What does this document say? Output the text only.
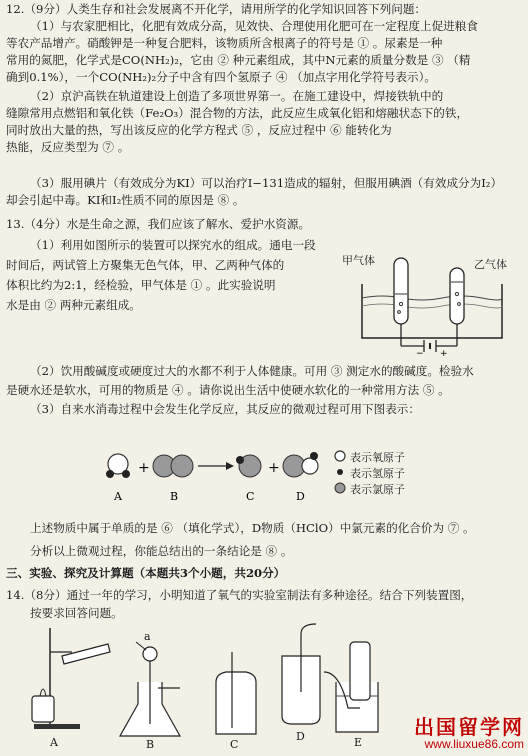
12.（9分）人类生存和社会发展离不开化学，请用所学的化学知识回答下列问题：
（1）与农家肥相比，化肥有效成分高，见效快、合理使用化肥可在一定程度上促进粮食
等农产品增产。硝酸钾是一种复合肥料，该物质所含根离子的符号是 ① 。尿素是一种
常用的氮肥，化学式是CO(NH₂)₂，它由 ② 种元素组成，其中N元素的质量分数是 ③ （精
确到0.1%），一个CO(NH₂)₂分子中含有四个氢原子 ④ （加点字用化学符号表示）。
（2）京沪高铁在轨道建设上创造了多项世界第一。在施工建设中，焊接铁轨中的
缝隙常用点燃铝和氧化铁（Fe₂O₃）混合物的方法，此反应生成氧化铝和熔融状态下的铁，
同时放出大量的热，写出该反应的化学方程式 ⑤ ，反应过程中 ⑥ 能转化为
热能，反应类型为 ⑦ 。
（3）服用碘片（有效成分为KI）可以治疗I−131造成的辐射，但服用碘酒（有效成分为I₂）
却会引起中毒。KI和I₂性质不同的原因是 ⑧ 。
13.（4分）水是生命之源，我们应该了解水、爱护水资源。
（1）利用如图所示的装置可以探究水的组成。通电一段
时间后，两试管上方聚集无色气体，甲、乙两种气体的
体积比约为2:1，经检验，甲气体是 ① 。此实验说明
水是由 ② 两种元素组成。
（2）饮用酸碱度或硬度过大的水都不利于人体健康。可用 ③ 测定水的酸碱度。检验水
是硬水还是软水，可用的物质是 ④ 。请你说出生活中使硬水软化的一种常用方法 ⑤ 。
（3）自来水消毒过程中会发生化学反应，其反应的微观过程可用下图表示：
− +
甲气体	乙气体
+	+
A	B	C	D
表示氧原子
表示氢原子
表示氯原子
上述物质中属于单质的是 ⑥ （填化学式），D物质（HClO）中氯元素的化合价为 ⑦ 。
分析以上微观过程，你能总结出的一条结论是 ⑧ 。
三、实验、探究及计算题（本题共3个小题，共20分）
14.（8分）通过一年的学习，小明知道了氧气的实验室制法有多种途径。结合下列装置图，
按要求回答问题。
a
A	B	C
D	E
出国留学网
www.liuxue86.com
